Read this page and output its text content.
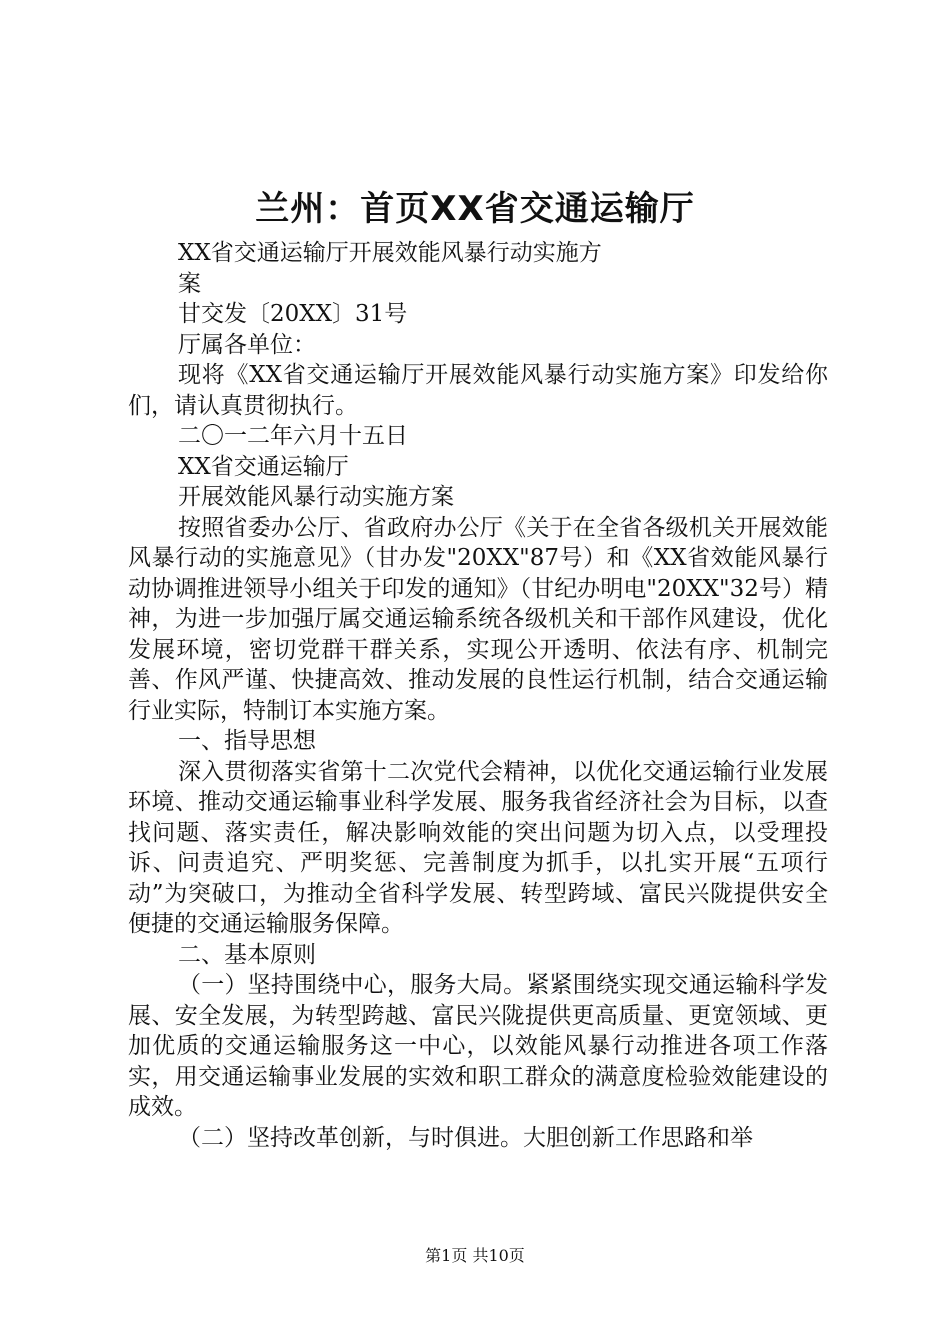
兰州：首页XX省交通运输厅

XX省交通运输厅开展效能风暴行动实施方

案

甘交发〔20XX〕31号

厅属各单位：

现将《XX省交通运输厅开展效能风暴行动实施方案》印发给你们，请认真贯彻执行。

二〇一二年六月十五日

XX省交通运输厅

开展效能风暴行动实施方案

按照省委办公厅、省政府办公厅《关于在全省各级机关开展效能风暴行动的实施意见》（甘办发"20XX"87号）和《XX省效能风暴行动协调推进领导小组关于印发的通知》（甘纪办明电"20XX"32号）精神，为进一步加强厅属交通运输系统各级机关和干部作风建设，优化发展环境，密切党群干群关系，实现公开透明、依法有序、机制完善、作风严谨、快捷高效、推动发展的良性运行机制，结合交通运输行业实际，特制订本实施方案。

一、指导思想

深入贯彻落实省第十二次党代会精神，以优化交通运输行业发展环境、推动交通运输事业科学发展、服务我省经济社会为目标，以查找问题、落实责任，解决影响效能的突出问题为切入点，以受理投诉、问责追究、严明奖惩、完善制度为抓手，以扎实开展“五项行动”为突破口，为推动全省科学发展、转型跨域、富民兴陇提供安全便捷的交通运输服务保障。

二、基本原则

（一）坚持围绕中心，服务大局。紧紧围绕实现交通运输科学发展、安全发展，为转型跨越、富民兴陇提供更高质量、更宽领域、更加优质的交通运输服务这一中心，以效能风暴行动推进各项工作落实，用交通运输事业发展的实效和职工群众的满意度检验效能建设的成效。

（二）坚持改革创新，与时俱进。大胆创新工作思路和举

第1页 共10页
